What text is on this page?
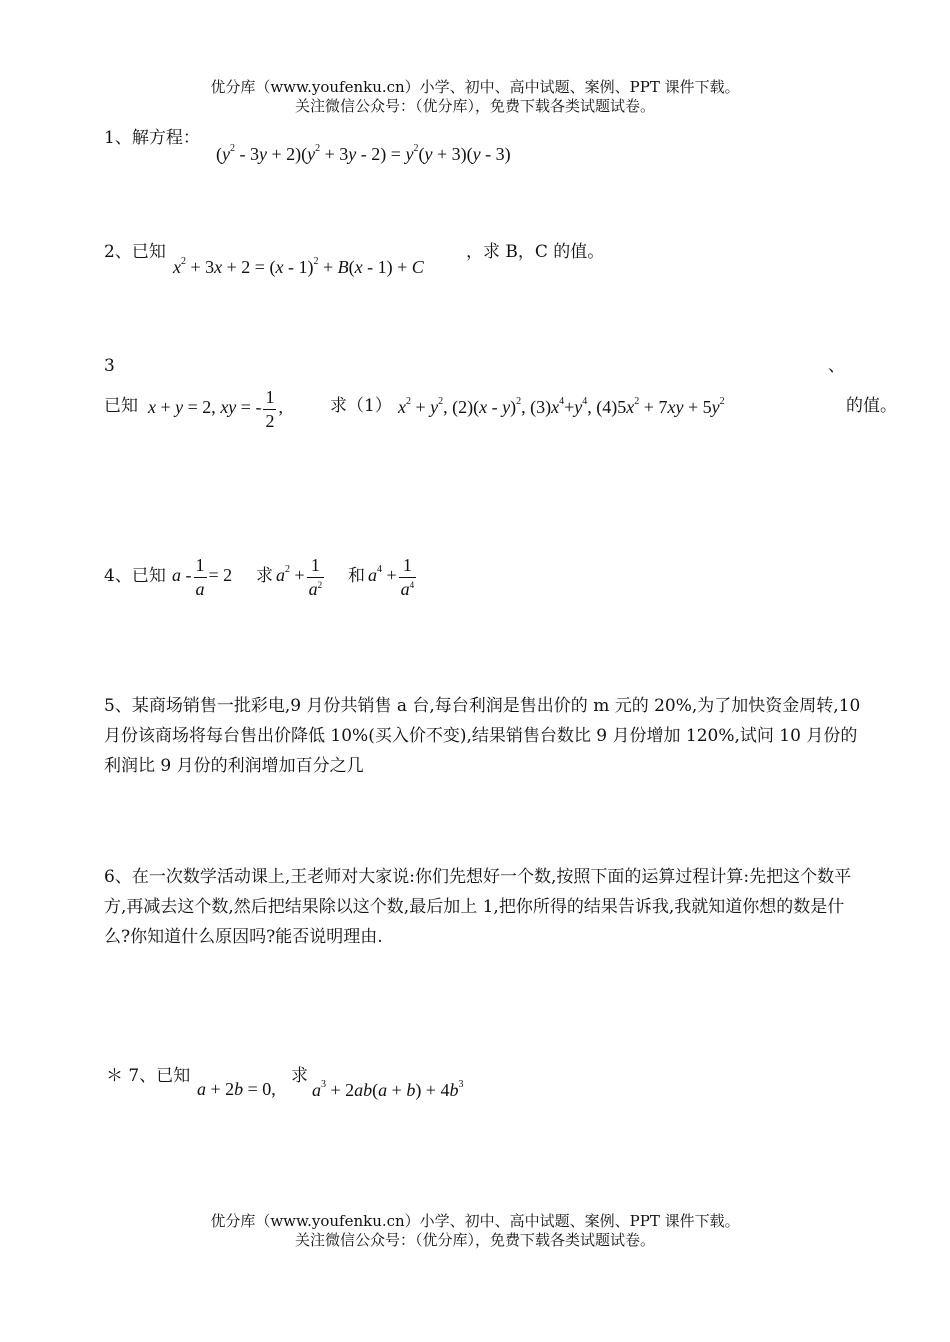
优分库（www.youfenku.cn）小学、初中、高中试题、案例、PPT 课件下载。
关注微信公众号：（优分库），免费下载各类试题试卷。
1、解方程：
$(y^2 - 3y + 2)(y^2 + 3y - 2) = y^2(y + 3)(y - 3)$
2、已知
$x^2 + 3x + 2 = (x - 1)^2 + B(x - 1) + C$
，求 B，C 的值。
3	、
已知 x + y = 2, xy = - $\frac{1}{2}$ ,	求（1） $x^2 + y^2$, (2)(x - y)$^2$, $(3)x^4+y^4$, $(4)5x^2 + 7xy + 5y^2$	的值。
4、已知 $a - \frac{1}{a} = 2$ 求 $a^2 + \frac{1}{a^2}$ 和 $a^4 + \frac{1}{a^4}$
5、某商场销售一批彩电,9 月份共销售 a 台,每台利润是售出价的 m 元的 20%,为了加快资金周转,10 月份该商场将每台售出价降低 10%(买入价不变),结果销售台数比 9 月份增加 120%,试问 10 月份的利润比 9 月份的利润增加百分之几
6、在一次数学活动课上,王老师对大家说:你们先想好一个数,按照下面的运算过程计算:先把这个数平方,再减去这个数,然后把结果除以这个数,最后加上 1,把你所得的结果告诉我,我就知道你想的数是什么?你知道什么原因吗?能否说明理由.
＊ 7、已知
a + 2b = 0,
求
$a^3 + 2ab(a + b) + 4b^3$
优分库（www.youfenku.cn）小学、初中、高中试题、案例、PPT 课件下载。
关注微信公众号：（优分库），免费下载各类试题试卷。
